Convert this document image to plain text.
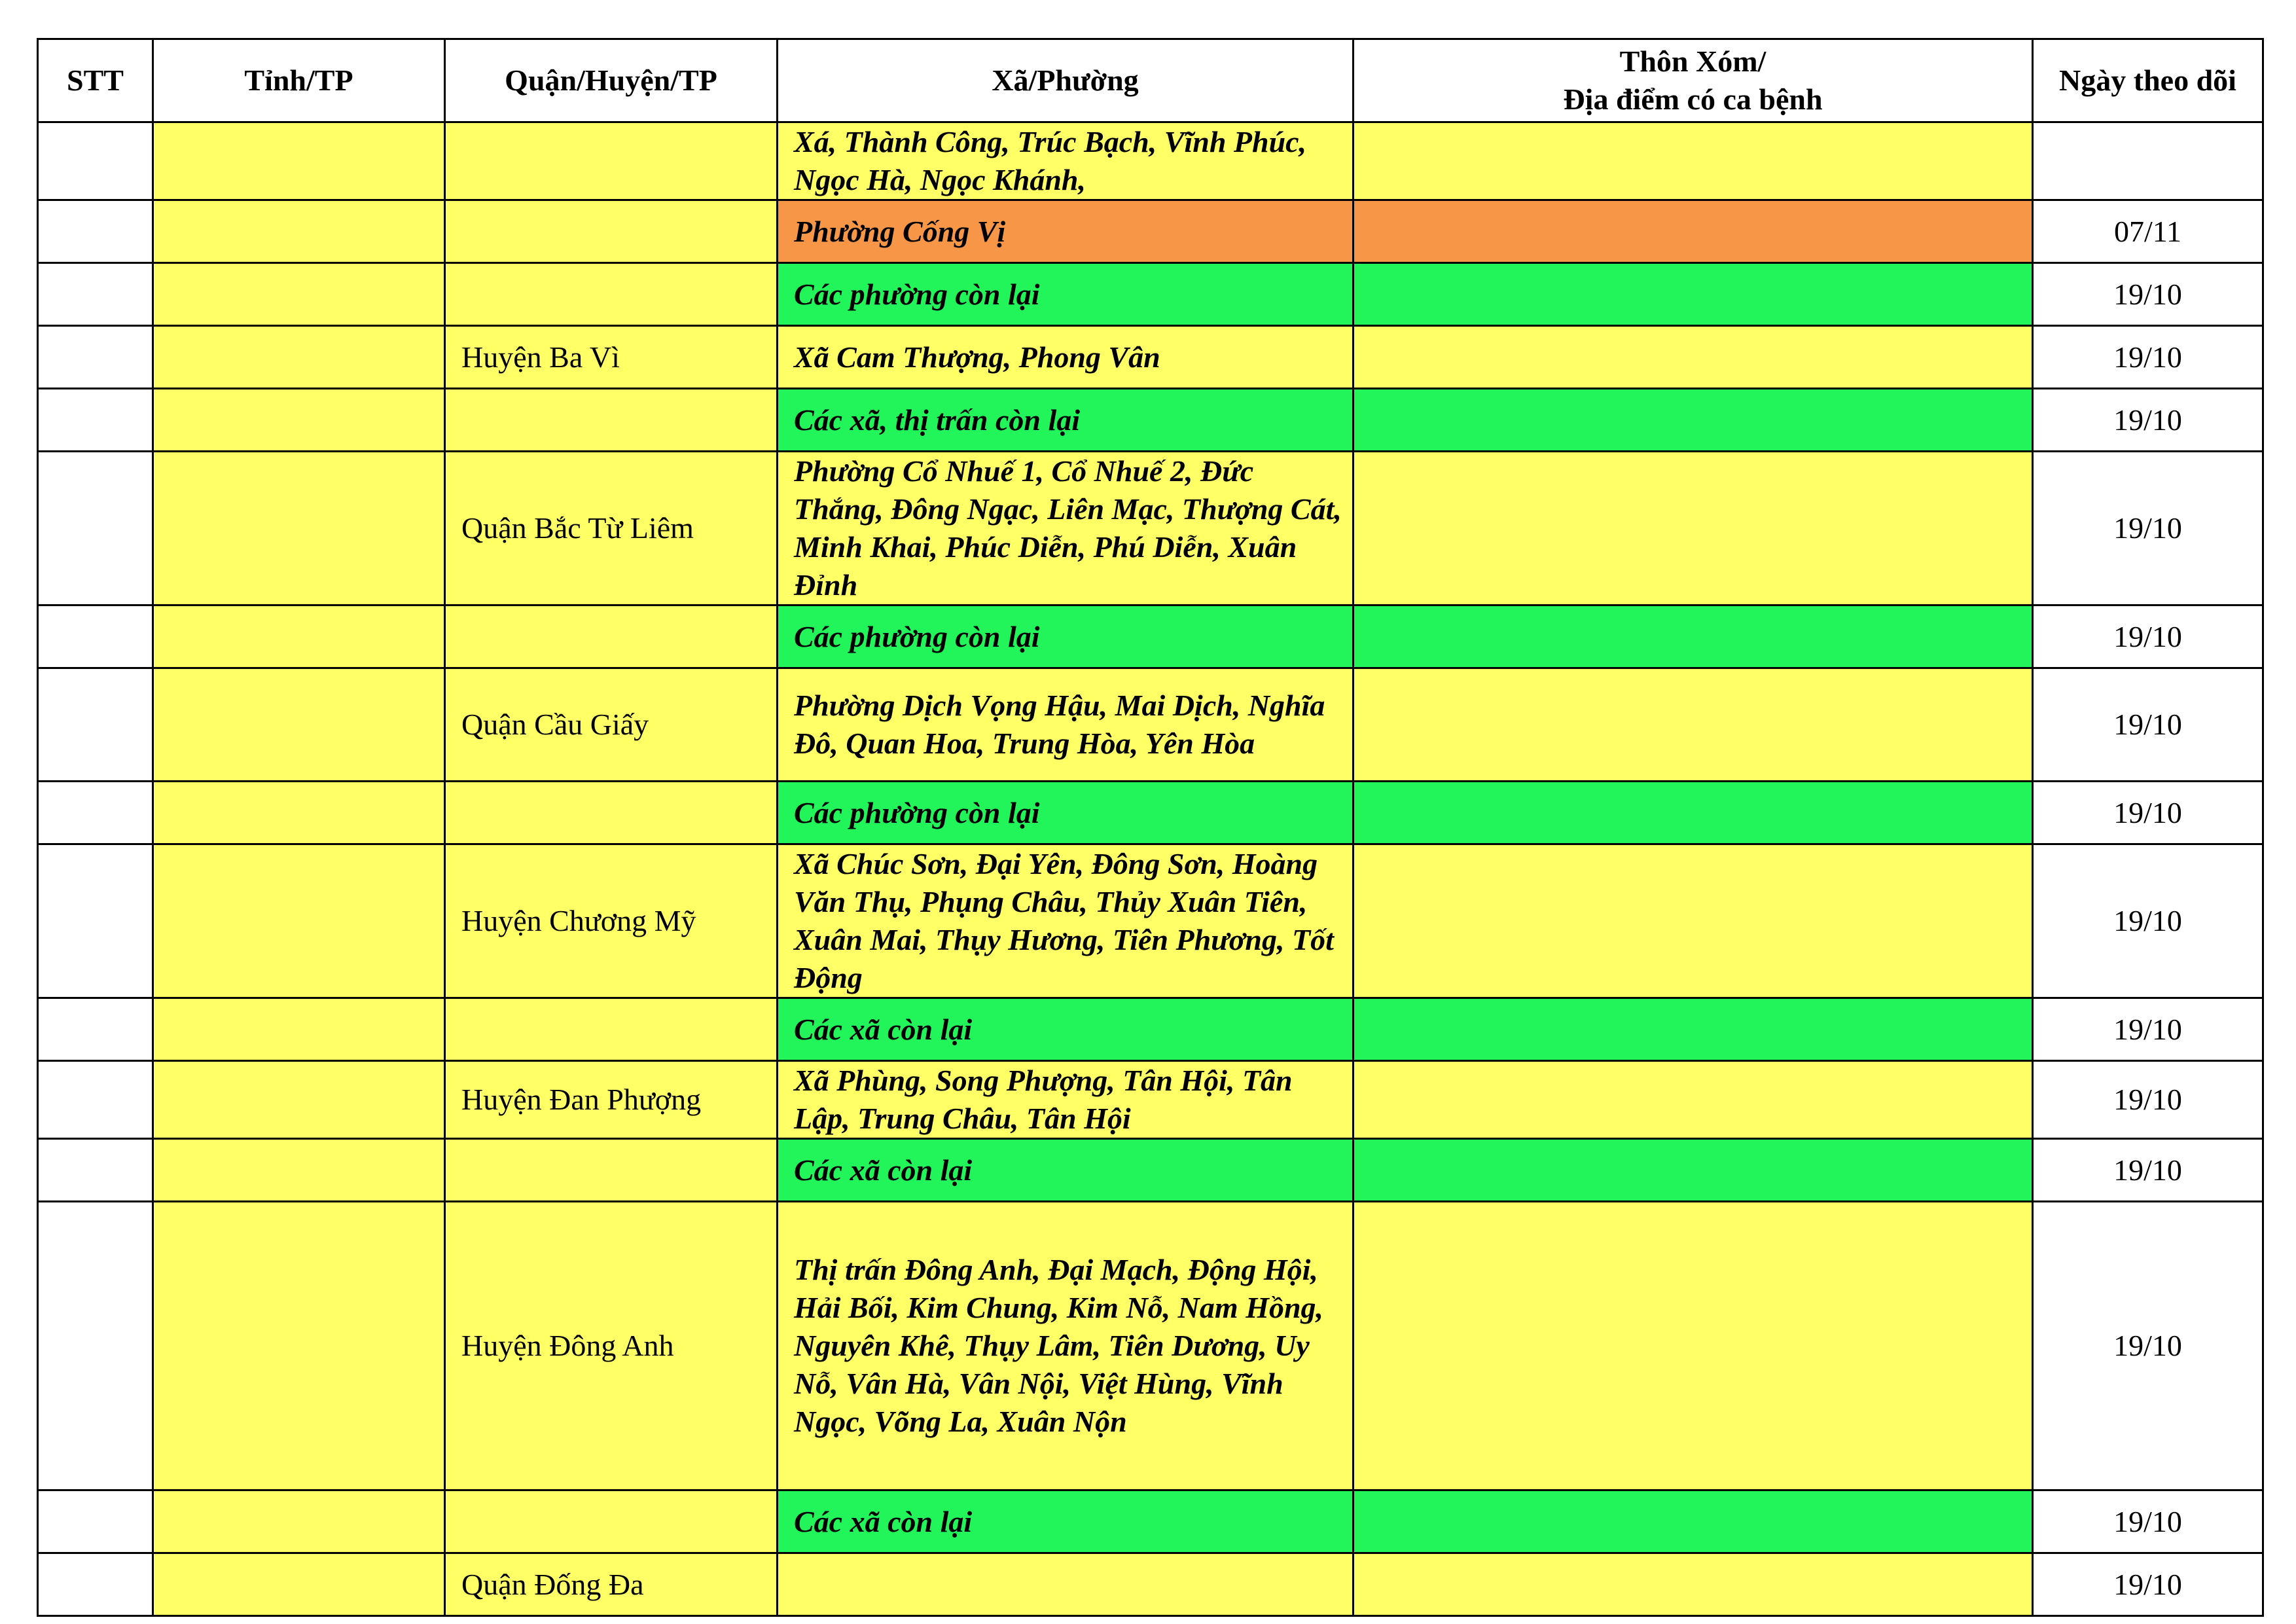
STT	Tỉnh/TP	Quận/Huyện/TP	Xã/Phường	Thôn Xóm/
Địa điểm có ca bệnh	Ngày theo dõi
			Xá, Thành Công, Trúc Bạch, Vĩnh Phúc, Ngọc Hà, Ngọc Khánh,		
			Phường Cống Vị		07/11
			Các phường còn lại		19/10
		Huyện Ba Vì	Xã Cam Thượng, Phong Vân		19/10
			Các xã, thị trấn còn lại		19/10
		Quận Bắc Từ Liêm	Phường Cổ Nhuế 1, Cổ Nhuế 2, Đức Thắng, Đông Ngạc, Liên Mạc, Thượng Cát, Minh Khai, Phúc Diễn, Phú Diễn, Xuân Đỉnh		19/10
			Các phường còn lại		19/10
		Quận Cầu Giấy	Phường Dịch Vọng Hậu, Mai Dịch, Nghĩa Đô, Quan Hoa, Trung Hòa, Yên Hòa		19/10
			Các phường còn lại		19/10
		Huyện Chương Mỹ	Xã Chúc Sơn, Đại Yên, Đông Sơn, Hoàng Văn Thụ, Phụng Châu, Thủy Xuân Tiên, Xuân Mai, Thụy Hương, Tiên Phương, Tốt Động		19/10
			Các xã còn lại		19/10
		Huyện Đan Phượng	Xã Phùng, Song Phượng, Tân Hội, Tân Lập, Trung Châu, Tân Hội		19/10
			Các xã còn lại		19/10
		Huyện Đông Anh	Thị trấn Đông Anh, Đại Mạch, Động Hội, Hải Bối, Kim Chung, Kim Nỗ, Nam Hồng, Nguyên Khê, Thụy Lâm, Tiên Dương, Uy Nỗ, Vân Hà, Vân Nội, Việt Hùng, Vĩnh Ngọc, Võng La, Xuân Nộn		19/10
			Các xã còn lại		19/10
		Quận Đống Đa			19/10
